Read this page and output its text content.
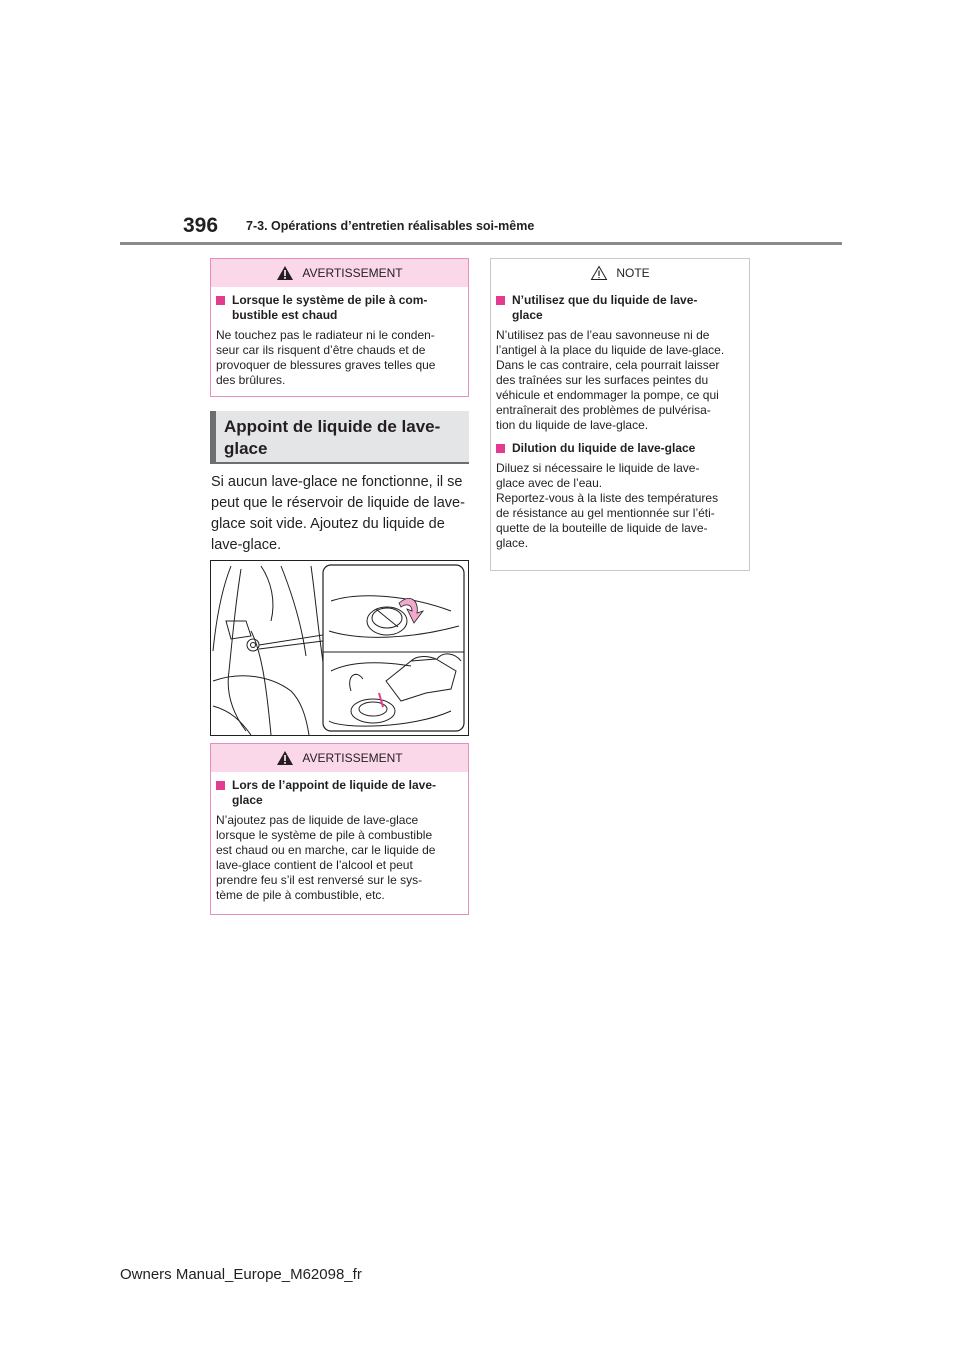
396 7-3. Opérations d’entretien réalisables soi-même
AVERTISSEMENT
Lorsque le système de pile à com-
bustible est chaud
Ne touchez pas le radiateur ni le conden-
seur car ils risquent d’être chauds et de
provoquer de blessures graves telles que
des brûlures.
Appoint de liquide de lave-
glace
Si aucun lave-glace ne fonctionne, il se
peut que le réservoir de liquide de lave-
glace soit vide. Ajoutez du liquide de
lave-glace.
AVERTISSEMENT
Lors de l’appoint de liquide de lave-
glace
N’ajoutez pas de liquide de lave-glace
lorsque le système de pile à combustible
est chaud ou en marche, car le liquide de
lave-glace contient de l’alcool et peut
prendre feu s’il est renversé sur le sys-
tème de pile à combustible, etc.
NOTE
N’utilisez que du liquide de lave-
glace
N’utilisez pas de l’eau savonneuse ni de
l’antigel à la place du liquide de lave-glace.
Dans le cas contraire, cela pourrait laisser
des traînées sur les surfaces peintes du
véhicule et endommager la pompe, ce qui
entraînerait des problèmes de pulvérisa-
tion du liquide de lave-glace.
Dilution du liquide de lave-glace
Diluez si nécessaire le liquide de lave-
glace avec de l’eau.
Reportez-vous à la liste des températures
de résistance au gel mentionnée sur l’éti-
quette de la bouteille de liquide de lave-
glace.
Owners Manual_Europe_M62098_fr
